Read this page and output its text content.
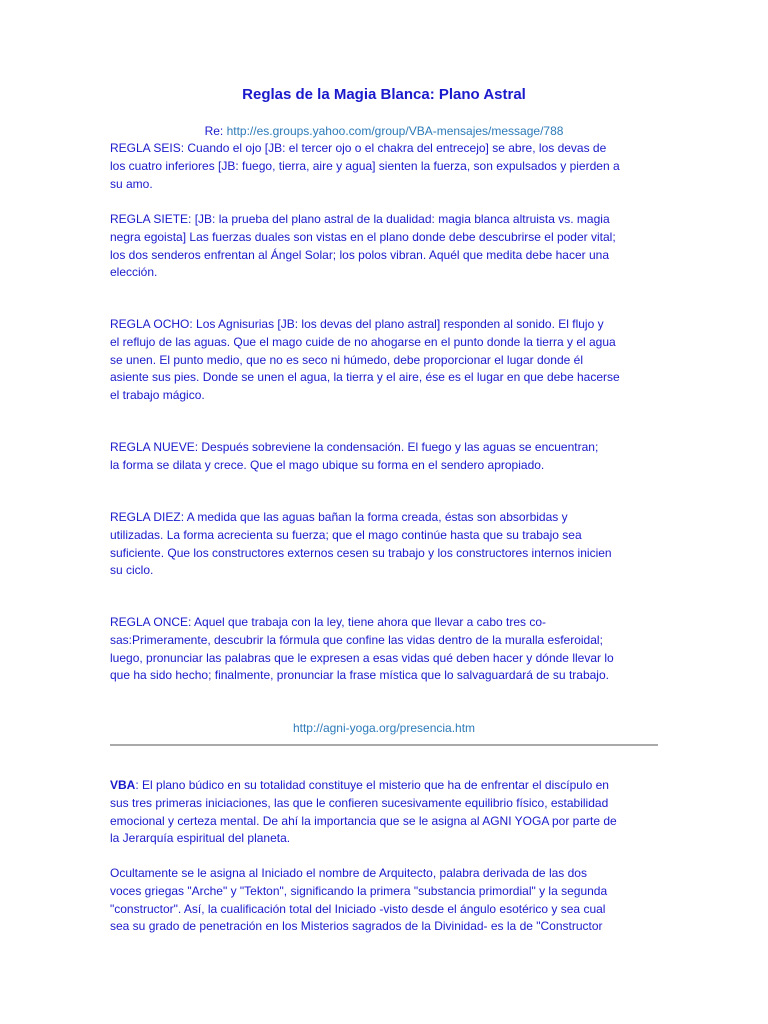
Reglas de la Magia Blanca: Plano Astral
Re: http://es.groups.yahoo.com/group/VBA-mensajes/message/788
REGLA SEIS: Cuando el ojo [JB: el tercer ojo o el chakra del entrecejo] se abre, los devas de
los cuatro inferiores [JB: fuego, tierra, aire y agua] sienten la fuerza, son expulsados y pierden a
su amo.
REGLA SIETE: [JB: la prueba del plano astral de la dualidad: magia blanca altruista vs. magia
negra egoista] Las fuerzas duales son vistas en el plano donde debe descubrirse el poder vital;
los dos senderos enfrentan al Ángel Solar; los polos vibran. Aquél que medita debe hacer una
elección.
REGLA OCHO: Los Agnisurias [JB: los devas del plano astral] responden al sonido. El flujo y
el reflujo de las aguas. Que el mago cuide de no ahogarse en el punto donde la tierra y el agua
se unen. El punto medio, que no es seco ni húmedo, debe proporcionar el lugar donde él
asiente sus pies. Donde se unen el agua, la tierra y el aire, ése es el lugar en que debe hacerse
el trabajo mágico.
REGLA NUEVE: Después sobreviene la condensación. El fuego y las aguas se encuentran;
la forma se dilata y crece. Que el mago ubique su forma en el sendero apropiado.
REGLA DIEZ: A medida que las aguas bañan la forma creada, éstas son absorbidas y
utilizadas. La forma acrecienta su fuerza; que el mago continúe hasta que su trabajo sea
suficiente. Que los constructores externos cesen su trabajo y los constructores internos inicien
su ciclo.
REGLA ONCE: Aquel que trabaja con la ley, tiene ahora que llevar a cabo tres co-
sas:Primeramente, descubrir la fórmula que confine las vidas dentro de la muralla esferoidal;
luego, pronunciar las palabras que le expresen a esas vidas qué deben hacer y dónde llevar lo
que ha sido hecho; finalmente, pronunciar la frase mística que lo salvaguardará de su trabajo.
http://agni-yoga.org/presencia.htm
VBA: El plano búdico en su totalidad constituye el misterio que ha de enfrentar el discípulo en
sus tres primeras iniciaciones, las que le confieren sucesivamente equilibrio físico, estabilidad
emocional y certeza mental. De ahí la importancia que se le asigna al AGNI YOGA por parte de
la Jerarquía espiritual del planeta.
Ocultamente se le asigna al Iniciado el nombre de Arquitecto, palabra derivada de las dos
voces griegas "Arche" y "Tekton", significando la primera "substancia primordial" y la segunda
"constructor". Así, la cualificación total del Iniciado -visto desde el ángulo esotérico y sea cual
sea su grado de penetración en los Misterios sagrados de la Divinidad- es la de "Constructor
